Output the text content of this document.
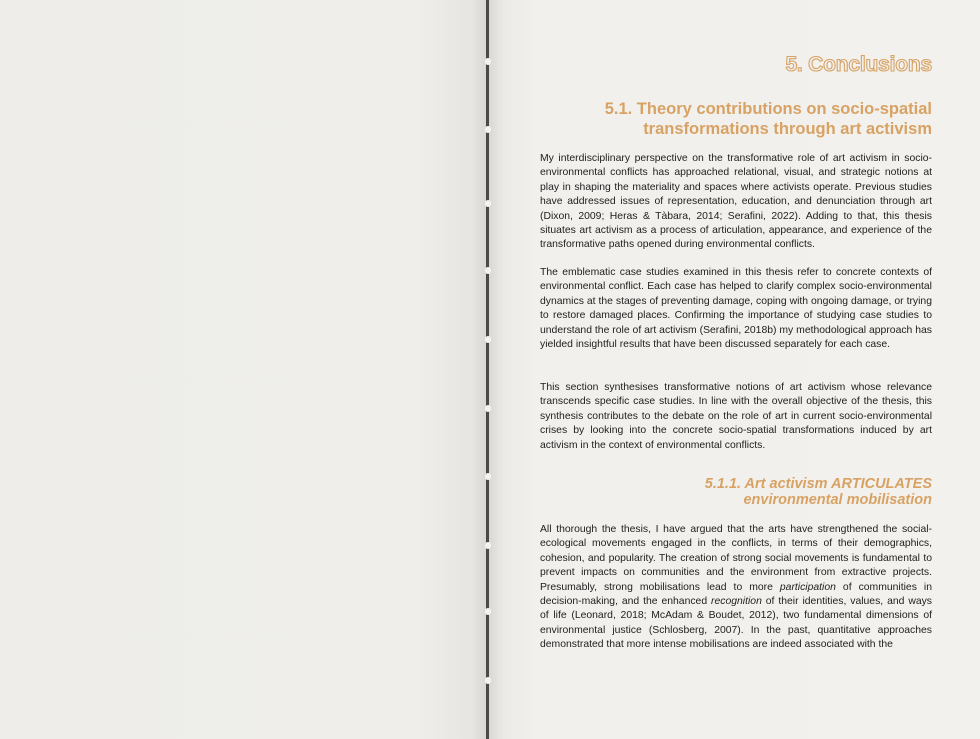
5. Conclusions
5.1. Theory contributions on socio-spatial
transformations through art activism

My interdisciplinary perspective on the transformative role of art activism in socio-environmental conflicts has approached relational, visual, and strategic notions at play in shaping the materiality and spaces where activists operate. Previous studies have addressed issues of representation, education, and denunciation through art (Dixon, 2009; Heras & Tàbara, 2014; Serafini, 2022). Adding to that, this thesis situates art activism as a process of articulation, appearance, and experience of the transformative paths opened during environmental conflicts.

The emblematic case studies examined in this thesis refer to concrete contexts of environmental conflict. Each case has helped to clarify complex socio-environmental dynamics at the stages of preventing damage, coping with ongoing damage, or trying to restore damaged places. Confirming the importance of studying case studies to understand the role of art activism (Serafini, 2018b) my methodological approach has yielded insightful results that have been discussed separately for each case.

This section synthesises transformative notions of art activism whose relevance transcends specific case studies. In line with the overall objective of the thesis, this synthesis contributes to the debate on the role of art in current socio-environmental crises by looking into the concrete socio-spatial transformations induced by art activism in the context of environmental conflicts.

5.1.1. Art activism ARTICULATES
environmental mobilisation

All thorough the thesis, I have argued that the arts have strengthened the social-ecological movements engaged in the conflicts, in terms of their demographics, cohesion, and popularity. The creation of strong social movements is fundamental to prevent impacts on communities and the environment from extractive projects. Presumably, strong mobilisations lead to more participation of communities in decision-making, and the enhanced recognition of their identities, values, and ways of life (Leonard, 2018; McAdam & Boudet, 2012), two fundamental dimensions of environmental justice (Schlosberg, 2007). In the past, quantitative approaches demonstrated that more intense mobilisations are indeed associated with the
